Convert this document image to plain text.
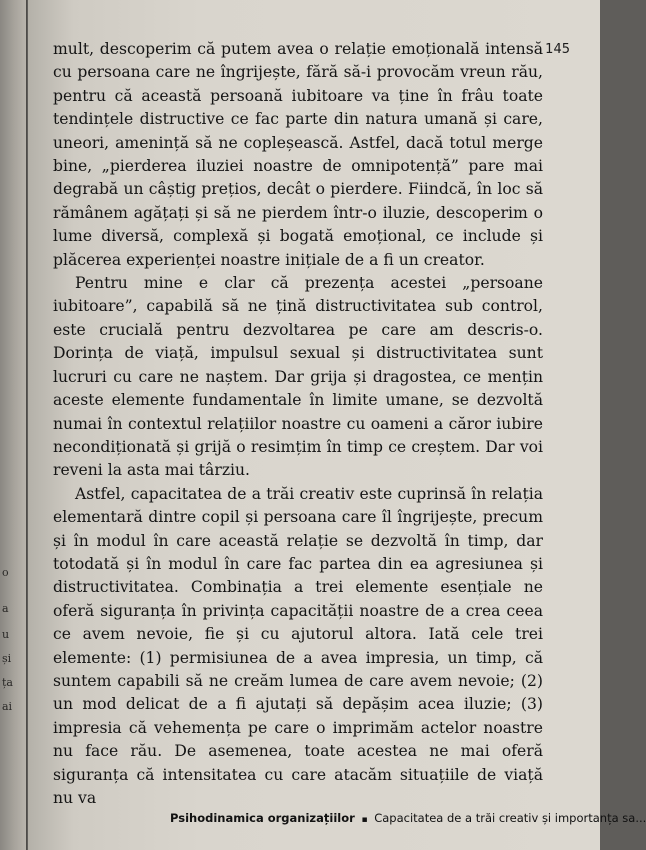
o
a
u
și
ța
ai
145

mult, descoperim că putem avea o relație emoțională intensă cu persoana care ne îngrijește, fără să-i provocăm vreun rău, pentru că această persoană iubitoare va ține în frâu toate tendințele distructive ce fac parte din natura umană și care, uneori, amenință să ne copleșească. Astfel, dacă totul merge bine, „pierderea iluziei noastre de omnipotență” pare mai degrabă un câștig prețios, decât o pierdere. Fiindcă, în loc să rămânem agățați și să ne pierdem într-o iluzie, descoperim o lume diversă, complexă și bogată emoțional, ce include și plăcerea experienței noastre inițiale de a fi un creator.

Pentru mine e clar că prezența acestei „persoane iubitoare”, capabilă să ne țină distructivitatea sub control, este crucială pentru dezvoltarea pe care am descris-o. Dorința de viață, impulsul sexual și distructivitatea sunt lucruri cu care ne naștem. Dar grija și dragostea, ce mențin aceste elemente fundamentale în limite umane, se dezvoltă numai în contextul relațiilor noastre cu oameni a căror iubire necondiționată și grijă o resimțim în timp ce creștem. Dar voi reveni la asta mai târziu.

Astfel, capacitatea de a trăi creativ este cuprinsă în relația elementară dintre copil și persoana care îl îngrijește, precum și în modul în care această relație se dezvoltă în timp, dar totodată și în modul în care fac partea din ea agresiunea și distructivitatea. Combinația a trei elemente esențiale ne oferă siguranța în privința capacității noastre de a crea ceea ce avem nevoie, fie și cu ajutorul altora. Iată cele trei elemente: (1) permisiunea de a avea impresia, un timp, că suntem capabili să ne creăm lumea de care avem nevoie; (2) un mod delicat de a fi ajutați să depășim acea iluzie; (3) impresia că vehemența pe care o imprimăm actelor noastre nu face rău. De asemenea, toate acestea ne mai oferă siguranța că intensitatea cu care atacăm situațiile de viață nu va

Psihodinamica organizațiilor ▪ Capacitatea de a trăi creativ și importanța sa...
